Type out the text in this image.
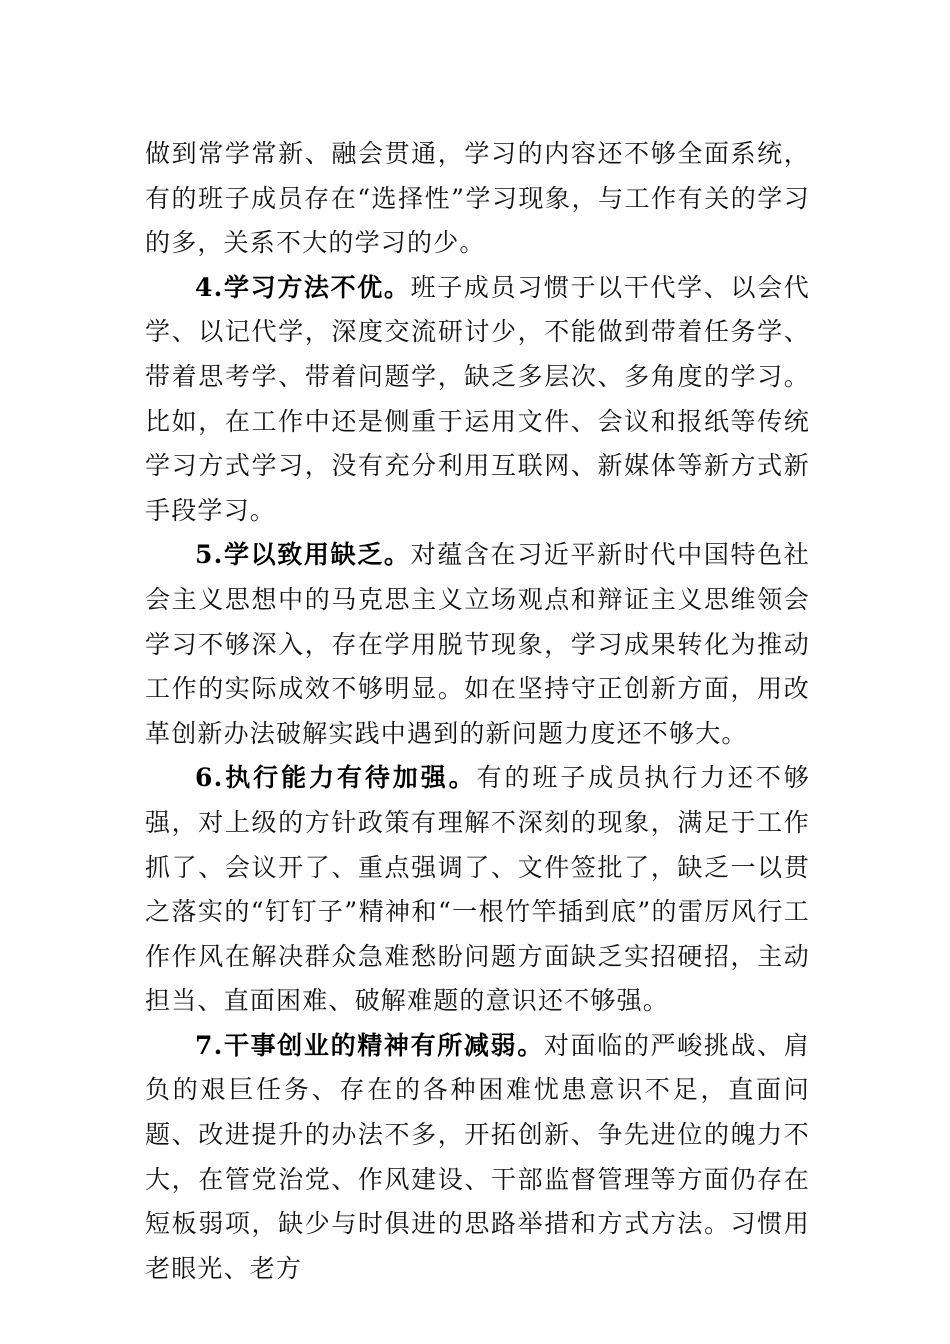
做到常学常新、融会贯通，学习的内容还不够全面系统，有的班子成员存在“选择性”学习现象，与工作有关的学习的多，关系不大的学习的少。

4.学习方法不优。班子成员习惯于以干代学、以会代学、以记代学，深度交流研讨少，不能做到带着任务学、带着思考学、带着问题学，缺乏多层次、多角度的学习。比如，在工作中还是侧重于运用文件、会议和报纸等传统学习方式学习，没有充分利用互联网、新媒体等新方式新手段学习。

5.学以致用缺乏。对蕴含在习近平新时代中国特色社会主义思想中的马克思主义立场观点和辩证主义思维领会学习不够深入，存在学用脱节现象，学习成果转化为推动工作的实际成效不够明显。如在坚持守正创新方面，用改革创新办法破解实践中遇到的新问题力度还不够大。

6.执行能力有待加强。有的班子成员执行力还不够强，对上级的方针政策有理解不深刻的现象，满足于工作抓了、会议开了、重点强调了、文件签批了，缺乏一以贯之落实的“钉钉子”精神和“一根竹竿插到底”的雷厉风行工作作风在解决群众急难愁盼问题方面缺乏实招硬招，主动担当、直面困难、破解难题的意识还不够强。

7.干事创业的精神有所减弱。对面临的严峻挑战、肩负的艰巨任务、存在的各种困难忧患意识不足，直面问题、改进提升的办法不多，开拓创新、争先进位的魄力不大，在管党治党、作风建设、干部监督管理等方面仍存在短板弱项，缺少与时俱进的思路举措和方式方法。习惯用老眼光、老方
